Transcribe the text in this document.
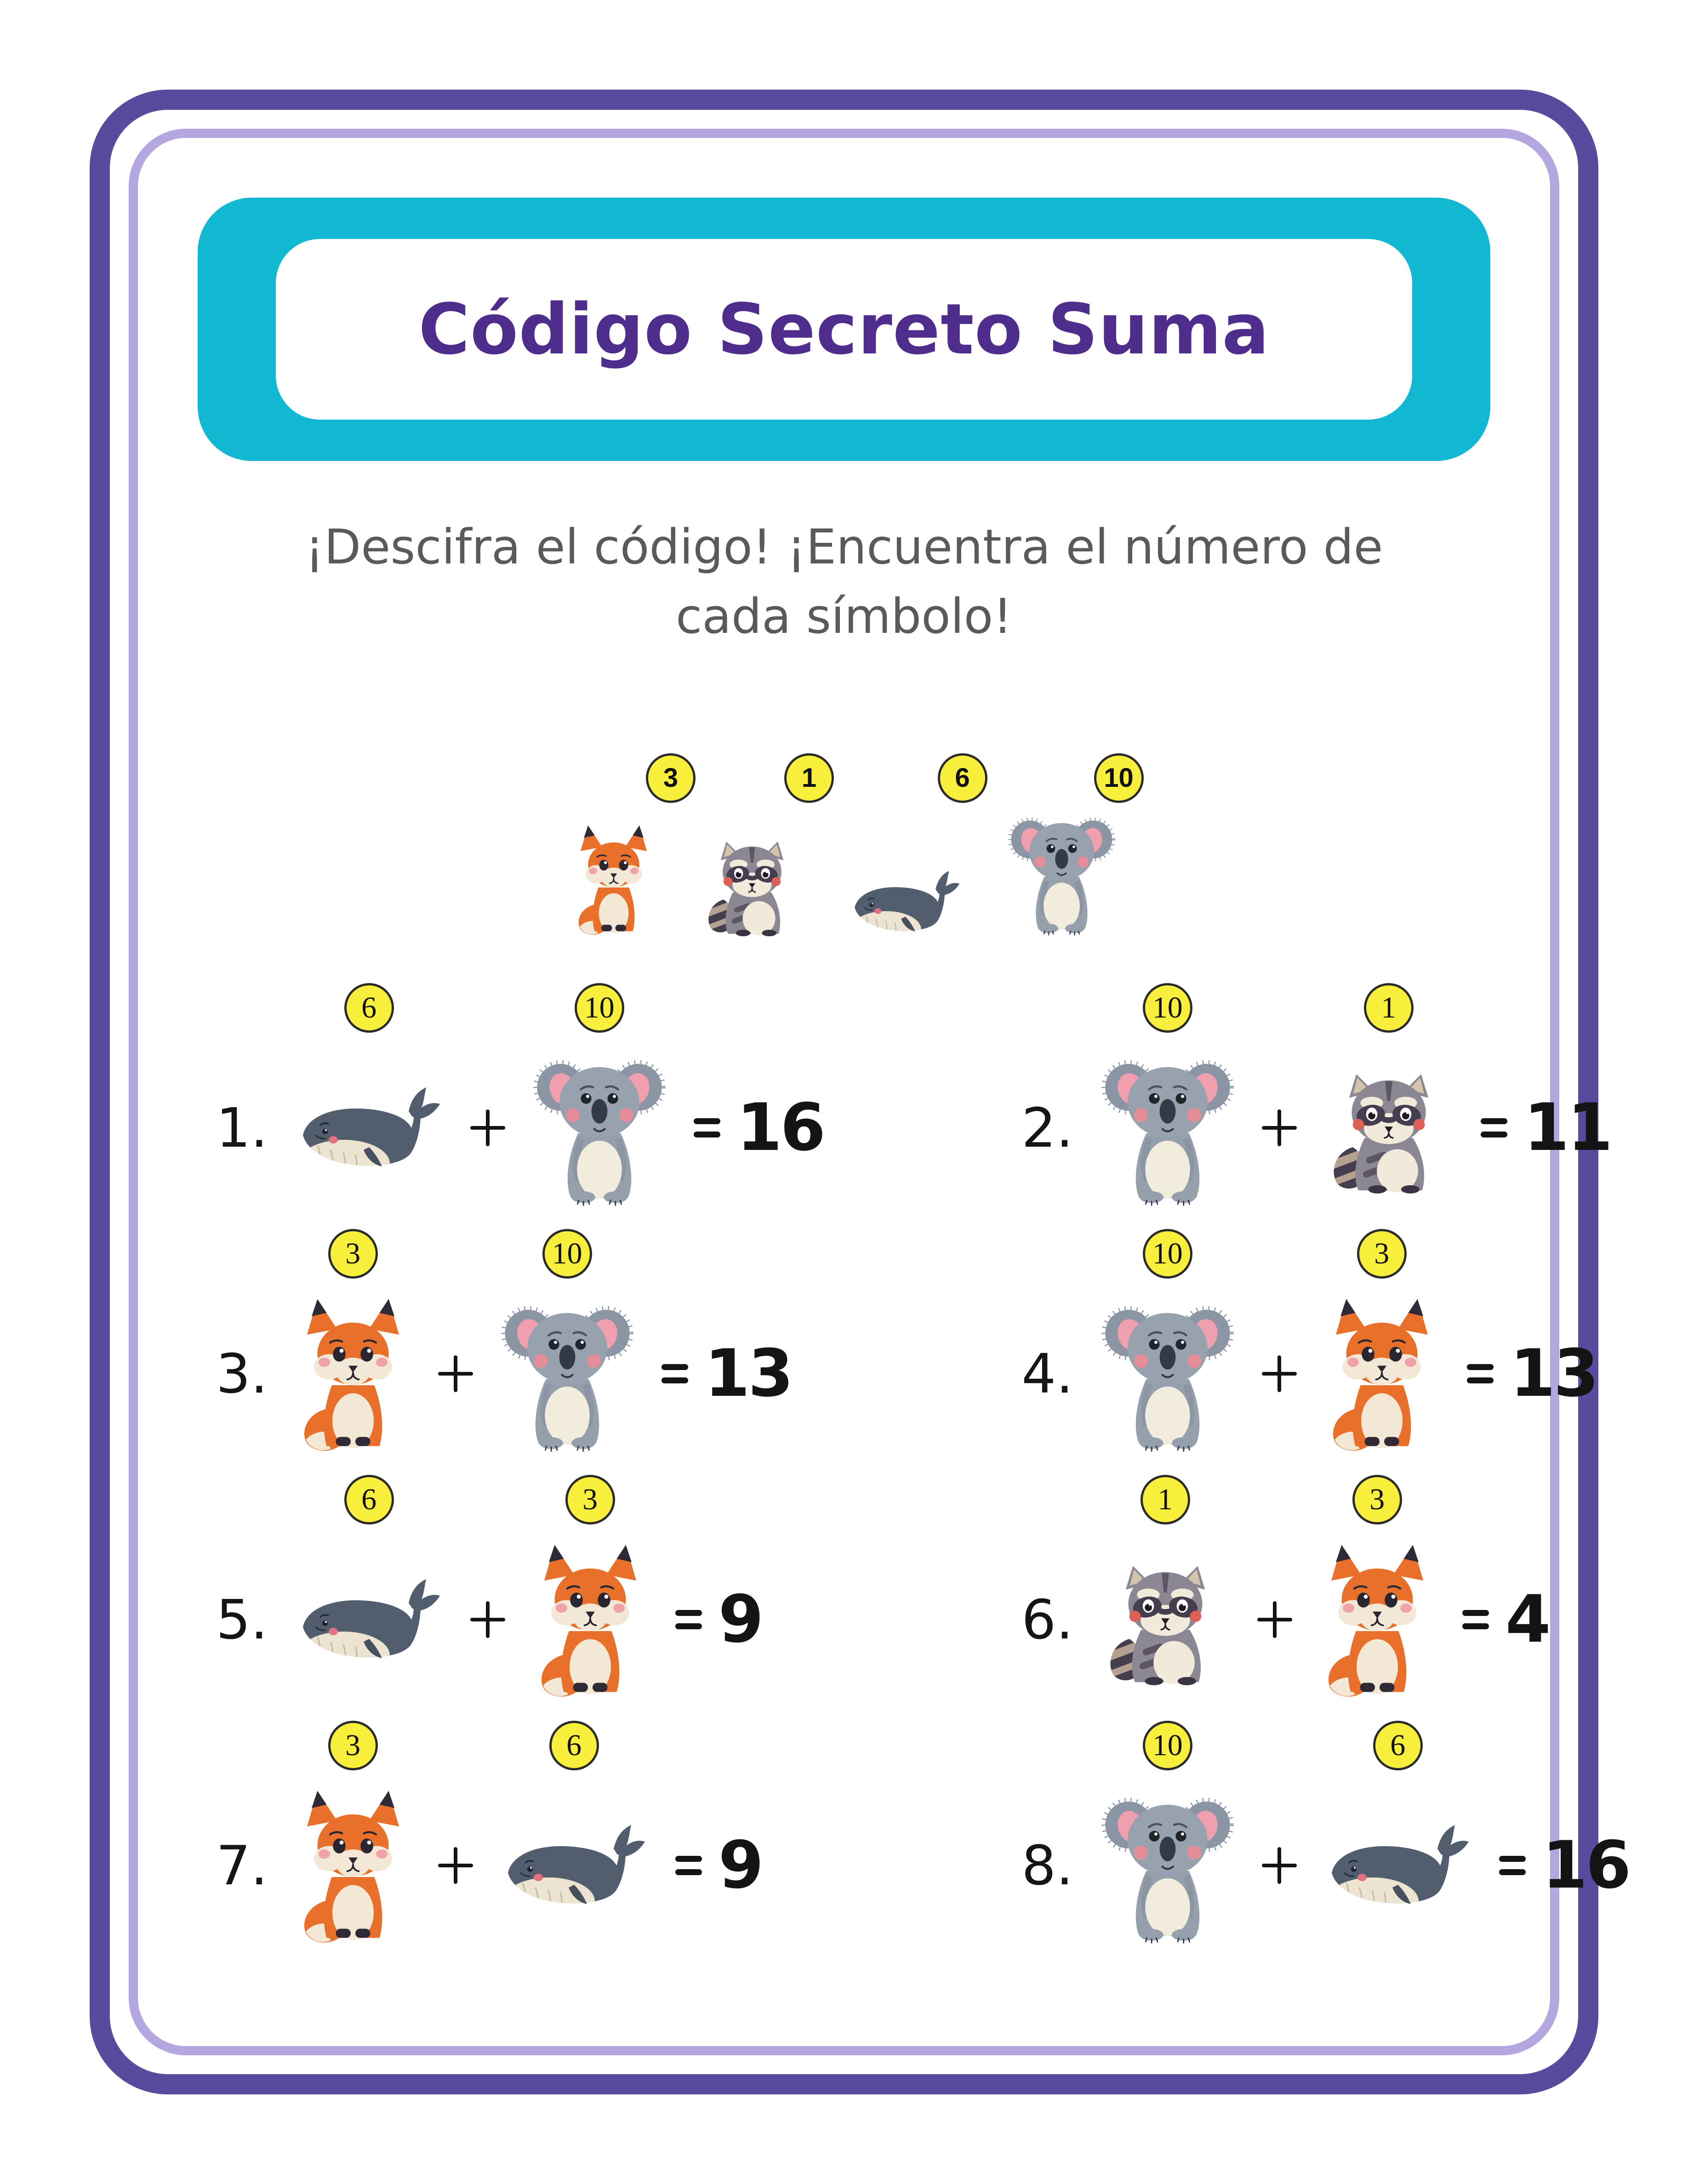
Código Secreto Suma

¡Descifra el código! ¡Encuentra el número de
cada símbolo!

3	1	6	10
1.
6	10
16	2.
10	1
11
3.
3	10
13	4.
10	3
13
5.
6	3
9	6.
1	3
4
7.
3	6
9	8.
10	6
16
